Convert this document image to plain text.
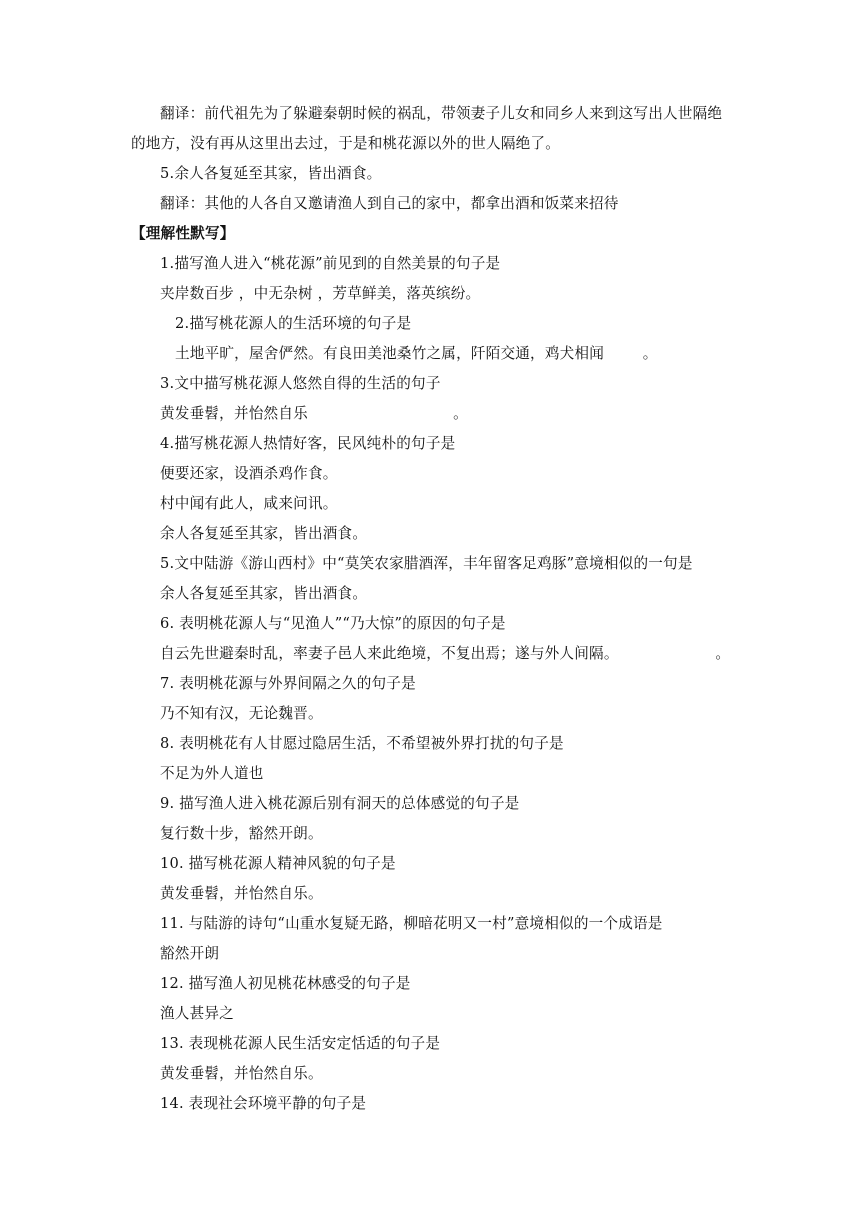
翻译：前代祖先为了躲避秦朝时候的祸乱，带领妻子儿女和同乡人来到这写出人世隔绝
的地方，没有再从这里出去过，于是和桃花源以外的世人隔绝了。
5.余人各复延至其家，皆出酒食。
翻译：其他的人各自又邀请渔人到自己的家中，都拿出酒和饭菜来招待
【理解性默写】
1.描写渔人进入“桃花源”前见到的自然美景的句子是
夹岸数百步 ，中无杂树 ，芳草鲜美，落英缤纷。
2.描写桃花源人的生活环境的句子是
土地平旷，屋舍俨然。有良田美池桑竹之属，阡陌交通，鸡犬相闻        。
3.文中描写桃花源人悠然自得的生活的句子
黄发垂髫，并怡然自乐                              。
4.描写桃花源人热情好客，民风纯朴的句子是
便要还家，设酒杀鸡作食。
村中闻有此人，咸来问讯。
余人各复延至其家，皆出酒食。
5.文中陆游《游山西村》中“莫笑农家腊酒浑，丰年留客足鸡豚”意境相似的一句是
余人各复延至其家，皆出酒食。
6. 表明桃花源人与“见渔人”“乃大惊”的原因的句子是
自云先世避秦时乱，率妻子邑人来此绝境，不复出焉；遂与外人间隔。                    。
7. 表明桃花源与外界间隔之久的句子是
乃不知有汉，无论魏晋。
8. 表明桃花有人甘愿过隐居生活，不希望被外界打扰的句子是
不足为外人道也
9. 描写渔人进入桃花源后别有洞天的总体感觉的句子是
复行数十步，豁然开朗。
10. 描写桃花源人精神风貌的句子是
黄发垂髫，并怡然自乐。
11. 与陆游的诗句“山重水复疑无路，柳暗花明又一村”意境相似的一个成语是
豁然开朗
12. 描写渔人初见桃花林感受的句子是
渔人甚异之
13. 表现桃花源人民生活安定恬适的句子是
黄发垂髫，并怡然自乐。
14. 表现社会环境平静的句子是
